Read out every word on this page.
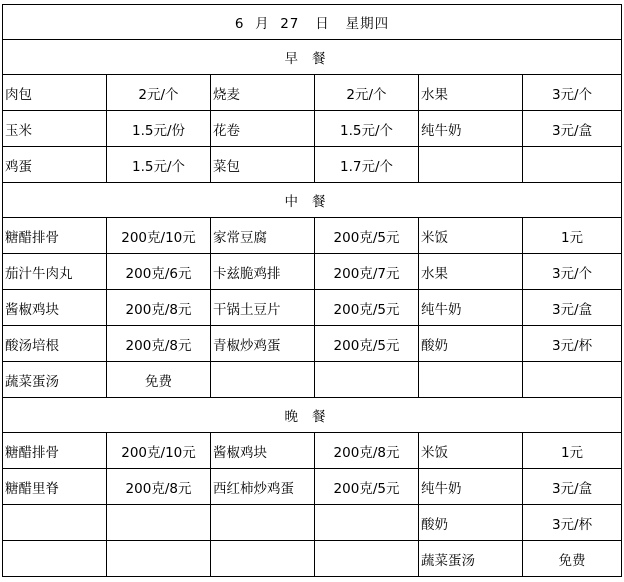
6 月 27 日 星期四					
早餐					
肉包	2元/个	烧麦	2元/个	水果	3元/个
玉米	1.5元/份	花卷	1.5元/个	纯牛奶	3元/盒
鸡蛋	1.5元/个	菜包	1.7元/个		
中餐					
糖醋排骨	200克/10元	家常豆腐	200克/5元	米饭	1元
茄汁牛肉丸	200克/6元	卡兹脆鸡排	200克/7元	水果	3元/个
酱椒鸡块	200克/8元	干锅土豆片	200克/5元	纯牛奶	3元/盒
酸汤培根	200克/8元	青椒炒鸡蛋	200克/5元	酸奶	3元/杯
蔬菜蛋汤	免费				
晚餐					
糖醋排骨	200克/10元	酱椒鸡块	200克/8元	米饭	1元
糖醋里脊	200克/8元	西红柿炒鸡蛋	200克/5元	纯牛奶	3元/盒
				酸奶	3元/杯
				蔬菜蛋汤	免费
